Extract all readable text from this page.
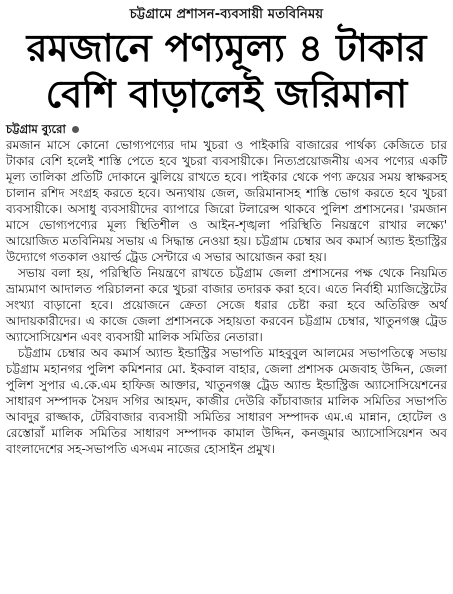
চট্টগ্রামে প্রশাসন-ব্যবসায়ী মতবিনিময়
রমজানে পণ্যমূল্য ৪ টাকার
বেশি বাড়ালেই জরিমানা
চট্টগ্রাম ব্যুরো

রমজান মাসে কোনো ভোগ্যপণ্যের দাম খুচরা ও পাইকারি বাজারের পার্থক্য কেজিতে চার টাকার বেশি হলেই শাস্তি পেতে হবে খুচরা ব্যবসায়ীকে। নিত্যপ্রয়োজনীয় এসব পণ্যের একটি মূল্য তালিকা প্রতিটি দোকানে ঝুলিয়ে রাখতে হবে। পাইকার থেকে পণ্য ক্রয়ের সময় স্বাক্ষরসহ চালান রশিদ সংগ্রহ করতে হবে। অন্যথায় জেল, জরিমানাসহ শাস্তি ভোগ করতে হবে খুচরা ব্যবসায়ীকে। অসাধু ব্যবসায়ীদের ব্যাপারে জিরো টলারেন্স থাকবে পুলিশ প্রশাসনের। 'রমজান মাসে ভোগ্যপণ্যের মূল্য স্থিতিশীল ও আইন-শৃঙ্খলা পরিস্থিতি নিয়ন্ত্রণে রাখার লক্ষ্যে' আয়োজিত মতবিনিময় সভায় এ সিদ্ধান্ত নেওয়া হয়। চট্টগ্রাম চেম্বার অব কমার্স অ্যান্ড ইন্ডাস্ট্রির উদ্যোগে গতকাল ওয়ার্ল্ড ট্রেড সেন্টারে এ সভার আয়োজন করা হয়।

সভায় বলা হয়, পরিস্থিতি নিয়ন্ত্রণে রাখতে চট্টগ্রাম জেলা প্রশাসনের পক্ষ থেকে নিয়মিত ভ্রাম্যমাণ আদালত পরিচালনা করে খুচরা বাজার তদারক করা হবে। এতে নির্বাহী ম্যাজিস্ট্রেটের সংখ্যা বাড়ানো হবে। প্রয়োজনে ক্রেতা সেজে ধরার চেষ্টা করা হবে অতিরিক্ত অর্থ আদায়কারীদের। এ কাজে জেলা প্রশাসনকে সহায়তা করবেন চট্টগ্রাম চেম্বার, খাতুনগঞ্জ ট্রেড অ্যাসোসিয়েশন এবং ব্যবসায়ী মালিক সমিতির নেতারা।

চট্টগ্রাম চেম্বার অব কমার্স অ্যান্ড ইন্ডাস্ট্রির সভাপতি মাহবুবুল আলমের সভাপতিত্বে সভায় চট্টগ্রাম মহানগর পুলিশ কমিশনার মো. ইকবাল বাহার, জেলা প্রশাসক মেজবাহ উদ্দিন, জেলা পুলিশ সুপার এ.কে.এম হাফিজ আক্তার, খাতুনগঞ্জ ট্রেড অ্যান্ড ইন্ডাস্ট্রিজ অ্যাসোসিয়েশনের সাধারণ সম্পাদক সৈয়দ সগির আহমদ, কাজীর দেউরি কাঁচাবাজার মালিক সমিতির সভাপতি আবদুর রাজ্জাক, টেরিবাজার ব্যবসায়ী সমিতির সাধারণ সম্পাদক এম.এ মান্নান, হোটেল ও রেস্তোরাঁ মালিক সমিতির সাধারণ সম্পাদক কামাল উদ্দিন, কনজুমার অ্যাসোসিয়েশন অব বাংলাদেশের সহ-সভাপতি এসএম নাজের হোসাইন প্রমুখ।
